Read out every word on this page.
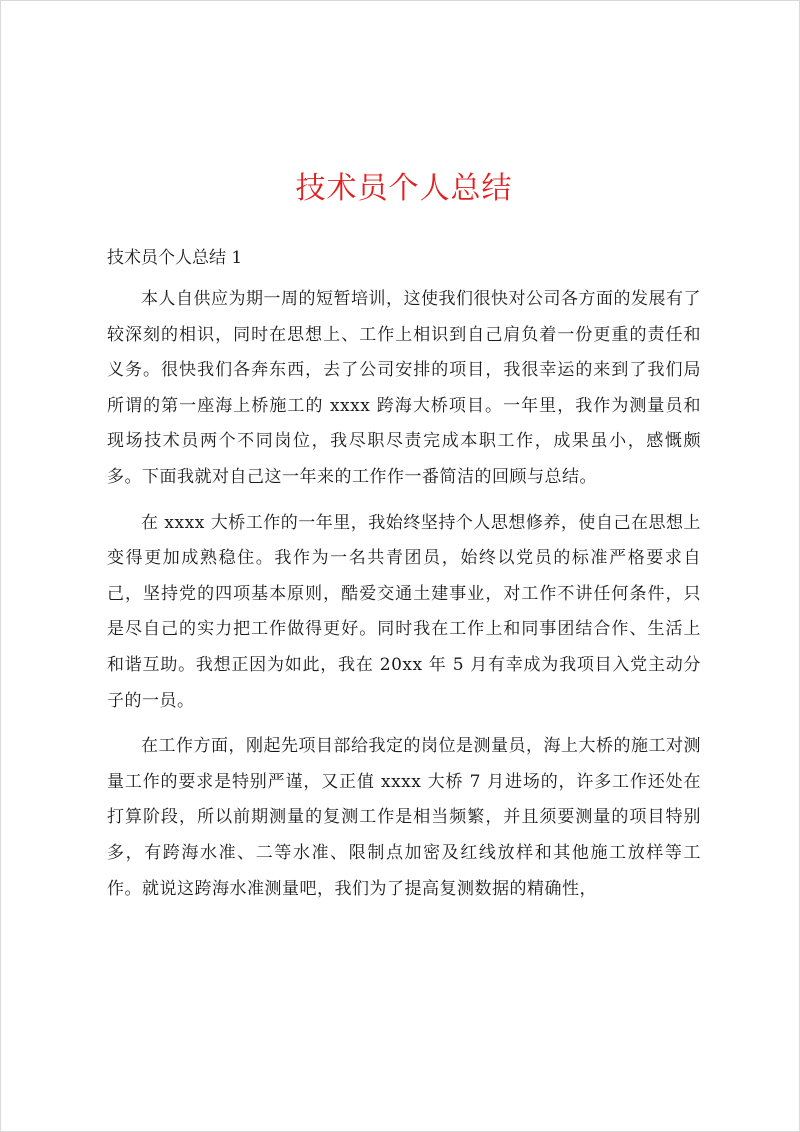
技术员个人总结

技术员个人总结 1

本人自供应为期一周的短暂培训，这使我们很快对公司各方面的发展有了较深刻的相识，同时在思想上、工作上相识到自己肩负着一份更重的责任和义务。很快我们各奔东西，去了公司安排的项目，我很幸运的来到了我们局所谓的第一座海上桥施工的 xxxx 跨海大桥项目。一年里，我作为测量员和现场技术员两个不同岗位，我尽职尽责完成本职工作，成果虽小，感慨颇多。下面我就对自己这一年来的工作作一番简洁的回顾与总结。

在 xxxx 大桥工作的一年里，我始终坚持个人思想修养，使自己在思想上变得更加成熟稳住。我作为一名共青团员，始终以党员的标准严格要求自己，坚持党的四项基本原则，酷爱交通土建事业，对工作不讲任何条件，只是尽自己的实力把工作做得更好。同时我在工作上和同事团结合作、生活上和谐互助。我想正因为如此，我在 20xx 年 5 月有幸成为我项目入党主动分子的一员。

在工作方面，刚起先项目部给我定的岗位是测量员，海上大桥的施工对测量工作的要求是特别严谨，又正值 xxxx 大桥 7 月进场的，许多工作还处在打算阶段，所以前期测量的复测工作是相当频繁，并且须要测量的项目特别多，有跨海水准、二等水准、限制点加密及红线放样和其他施工放样等工作。就说这跨海水准测量吧，我们为了提高复测数据的精确性，
